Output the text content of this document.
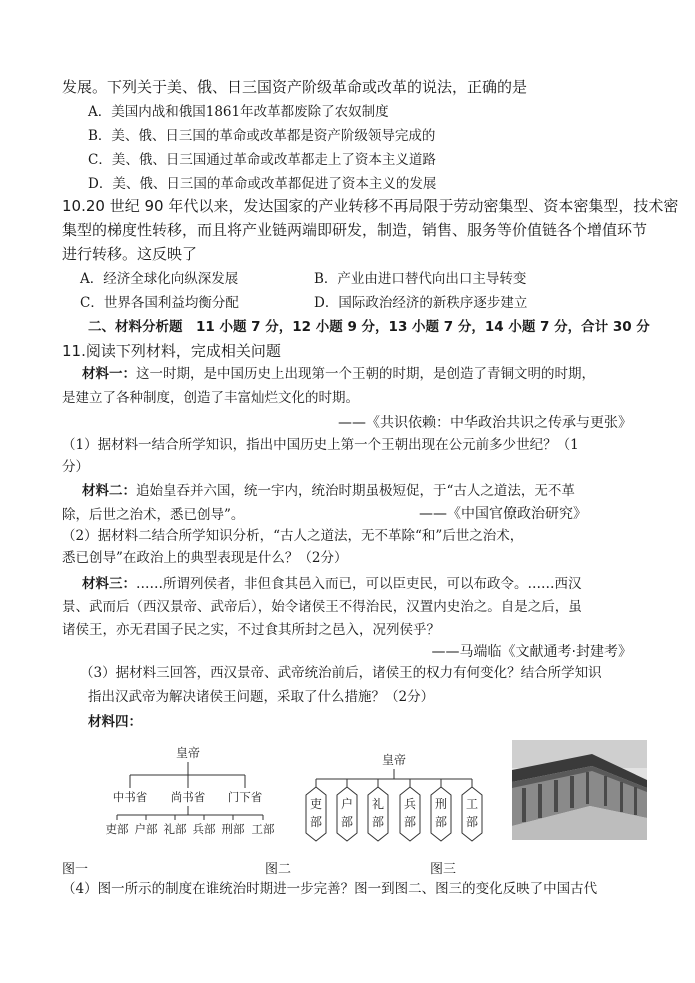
发展。下列关于美、俄、日三国资产阶级革命或改革的说法，正确的是
A．美国内战和俄国1861年改革都废除了农奴制度
B．美、俄、日三国的革命或改革都是资产阶级领导完成的
C．美、俄、日三国通过革命或改革都走上了资本主义道路
D．美、俄、日三国的革命或改革都促进了资本主义的发展
10.20 世纪 90 年代以来，发达国家的产业转移不再局限于劳动密集型、资本密集型，技术密
集型的梯度性转移，而且将产业链两端即研发，制造，销售、服务等价值链各个增值环节
进行转移。这反映了
A．经济全球化向纵深发展	B．产业由进口替代向出口主导转变
C．世界各国利益均衡分配	D．国际政治经济的新秩序逐步建立
二、材料分析题　11 小题 7 分，12 小题 9 分，13 小题 7 分，14 小题 7 分，合计 30 分
11.阅读下列材料，完成相关问题
材料一：这一时期，是中国历史上出现第一个王朝的时期，是创造了青铜文明的时期，
是建立了各种制度，创造了丰富灿烂文化的时期。
——《共识依赖：中华政治共识之传承与更张》
（1）据材料一结合所学知识，指出中国历史上第一个王朝出现在公元前多少世纪？（1
分）
材料二：追始皇吞并六国，统一宇内，统治时期虽极短促，于“古人之道法，无不革
除，后世之治术，悉已创导”。	——《中国官僚政治研究》
（2）据材料二结合所学知识分析，“古人之道法，无不革除“和”后世之治术，
悉已创导”在政治上的典型表现是什么？（2分）
材料三：……所谓列侯者，非但食其邑入而已，可以臣吏民，可以布政令。……西汉
景、武而后（西汉景帝、武帝后），始令诸侯王不得治民，汉置内史治之。自是之后，虽
诸侯王，亦无君国子民之实，不过食其所封之邑入，况列侯乎？
——马端临《文献通考·封建考》
（3）据材料三回答，西汉景帝、武帝统治前后，诸侯王的权力有何变化？结合所学知识
指出汉武帝为解决诸侯王问题，采取了什么措施？（2分）
材料四：
皇帝
中书省 尚书省 门下省
吏部 户部 礼部 兵部 刑部 工部
皇帝
吏
部
户
部
礼
部
兵
部
刑
部
工
部
图一	图二	图三
（4）图一所示的制度在谁统治时期进一步完善？图一到图二、图三的变化反映了中国古代
